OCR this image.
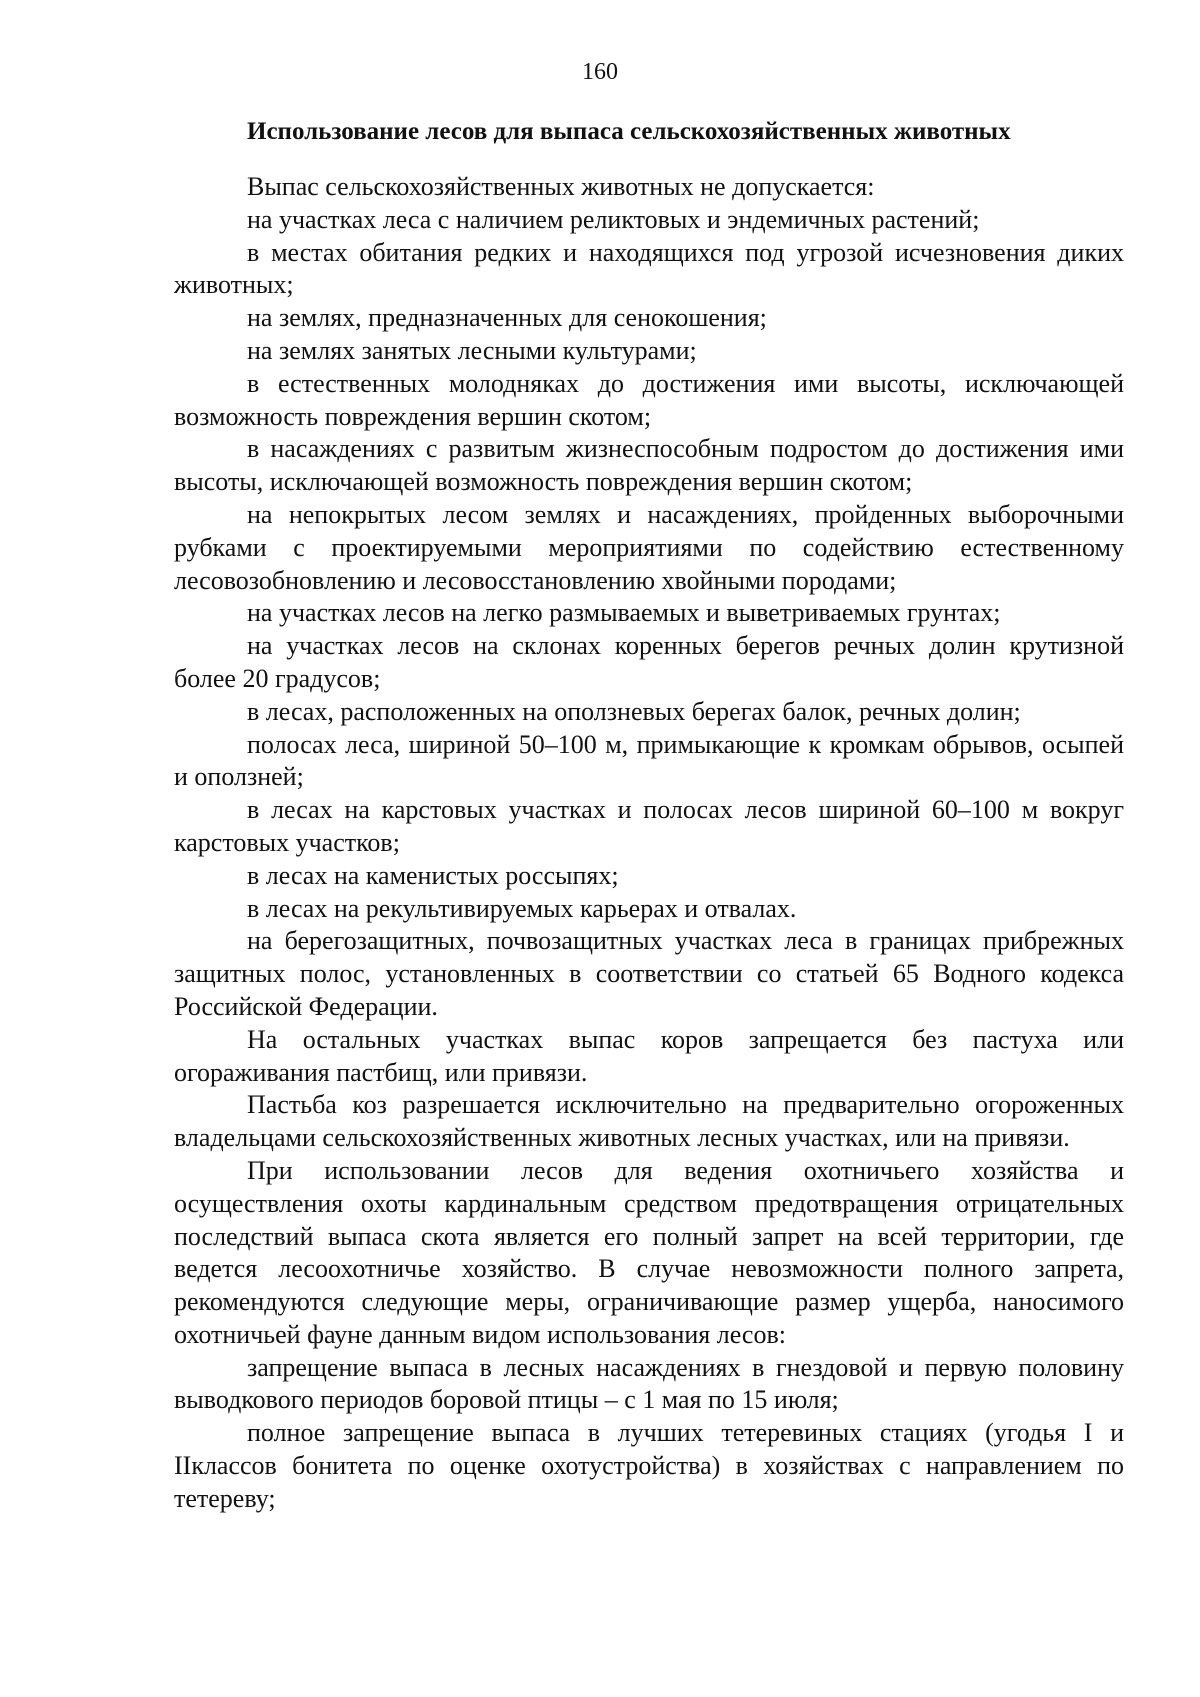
160
Использование лесов для выпаса сельскохозяйственных животных

Выпас сельскохозяйственных животных не допускается:

на участках леса с наличием реликтовых и эндемичных растений;

в местах обитания редких и находящихся под угрозой исчезновения диких животных;

на землях, предназначенных для сенокошения;

на землях занятых лесными культурами;

в естественных молодняках до достижения ими высоты, исключающей возможность повреждения вершин скотом;

в насаждениях с развитым жизнеспособным подростом до достижения ими высоты, исключающей возможность повреждения вершин скотом;

на непокрытых лесом землях и насаждениях, пройденных выборочными рубками с проектируемыми мероприятиями по содействию естественному лесовозобновлению и лесовосстановлению хвойными породами;

на участках лесов на легко размываемых и выветриваемых грунтах;

на участках лесов на склонах коренных берегов речных долин крутизной более 20 градусов;

в лесах, расположенных на оползневых берегах балок, речных долин;

полосах леса, шириной 50–100 м, примыкающие к кромкам обрывов, осыпей и оползней;

в лесах на карстовых участках и полосах лесов шириной 60–100 м вокруг карстовых участков;

в лесах на каменистых россыпях;

в лесах на рекультивируемых карьерах и отвалах.

на берегозащитных, почвозащитных участках леса в границах прибрежных защитных полос, установленных в соответствии со статьей 65 Водного кодекса Российской Федерации.

На остальных участках выпас коров запрещается без пастуха или огораживания пастбищ, или привязи.

Пастьба коз разрешается исключительно на предварительно огороженных владельцами сельскохозяйственных животных лесных участках, или на привязи.

При использовании лесов для ведения охотничьего хозяйства и осуществления охоты кардинальным средством предотвращения отрицательных последствий выпаса скота является его полный запрет на всей территории, где ведется лесоохотничье хозяйство. В случае невозможности полного запрета, рекомендуются следующие меры, ограничивающие размер ущерба, наносимого охотничьей фауне данным видом использования лесов:

запрещение выпаса в лесных насаждениях в гнездовой и первую половину выводкового периодов боровой птицы – с 1 мая по 15 июля;

полное запрещение выпаса в лучших тетеревиных стациях (угодья I и IIклассов бонитета по оценке охотустройства) в хозяйствах с направлением по тетереву;
